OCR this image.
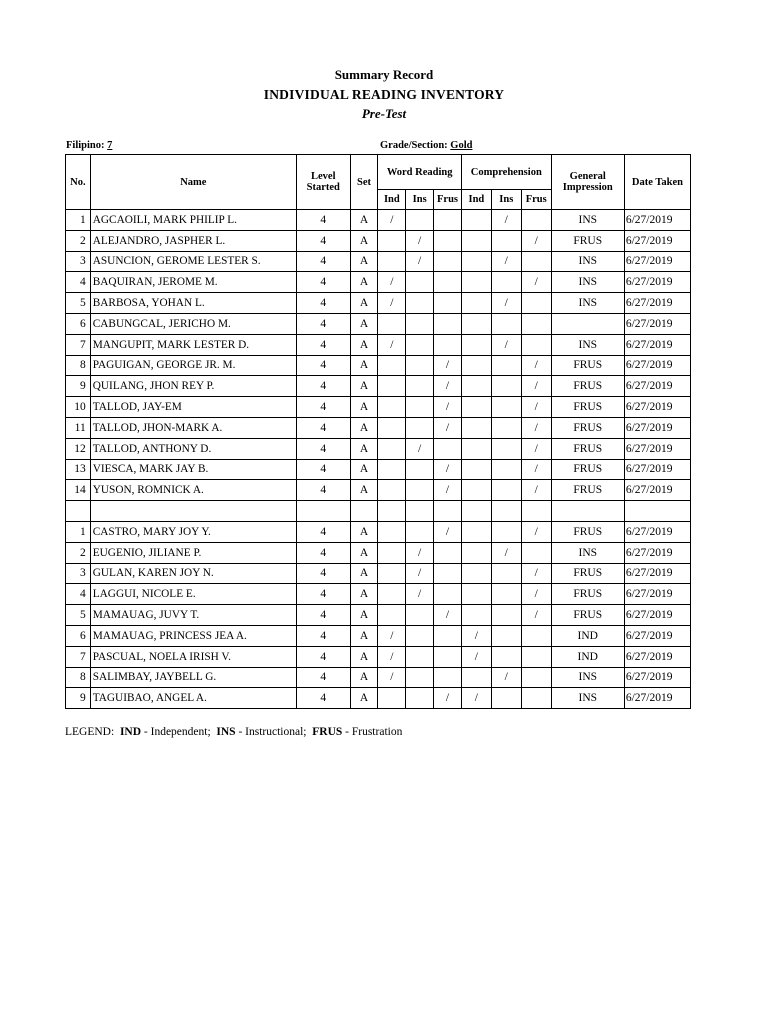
Summary Record
INDIVIDUAL READING INVENTORY
Pre-Test
Filipino: 7	Grade/Section: Gold
No.	Name	Level Started	Set	Word Reading			Comprehension			General Impression	Date Taken
				Ind	Ins	Frus	Ind	Ins	Frus		
1	AGCAOILI, MARK PHILIP L.	4	A	/				/		INS	6/27/2019
2	ALEJANDRO, JASPHER L.	4	A		/				/	FRUS	6/27/2019
3	ASUNCION, GEROME LESTER S.	4	A		/			/		INS	6/27/2019
4	BAQUIRAN, JEROME M.	4	A	/					/	INS	6/27/2019
5	BARBOSA, YOHAN L.	4	A	/				/		INS	6/27/2019
6	CABUNGCAL, JERICHO M.	4	A								6/27/2019
7	MANGUPIT, MARK LESTER D.	4	A	/				/		INS	6/27/2019
8	PAGUIGAN, GEORGE JR. M.	4	A			/			/	FRUS	6/27/2019
9	QUILANG, JHON REY P.	4	A			/			/	FRUS	6/27/2019
10	TALLOD, JAY-EM	4	A			/			/	FRUS	6/27/2019
11	TALLOD, JHON-MARK A.	4	A			/			/	FRUS	6/27/2019
12	TALLOD, ANTHONY D.	4	A		/				/	FRUS	6/27/2019
13	VIESCA, MARK JAY B.	4	A			/			/	FRUS	6/27/2019
14	YUSON, ROMNICK A.	4	A			/			/	FRUS	6/27/2019

1	CASTRO, MARY JOY Y.	4	A			/			/	FRUS	6/27/2019
2	EUGENIO, JILIANE P.	4	A		/			/		INS	6/27/2019
3	GULAN, KAREN JOY N.	4	A		/				/	FRUS	6/27/2019
4	LAGGUI, NICOLE E.	4	A		/				/	FRUS	6/27/2019
5	MAMAUAG, JUVY T.	4	A			/			/	FRUS	6/27/2019
6	MAMAUAG, PRINCESS JEA A.	4	A	/			/			IND	6/27/2019
7	PASCUAL, NOELA IRISH V.	4	A	/			/			IND	6/27/2019
8	SALIMBAY, JAYBELL G.	4	A	/				/		INS	6/27/2019
9	TAGUIBAO, ANGEL A.	4	A			/	/			INS	6/27/2019
LEGEND: IND - Independent; INS - Instructional; FRUS - Frustration
